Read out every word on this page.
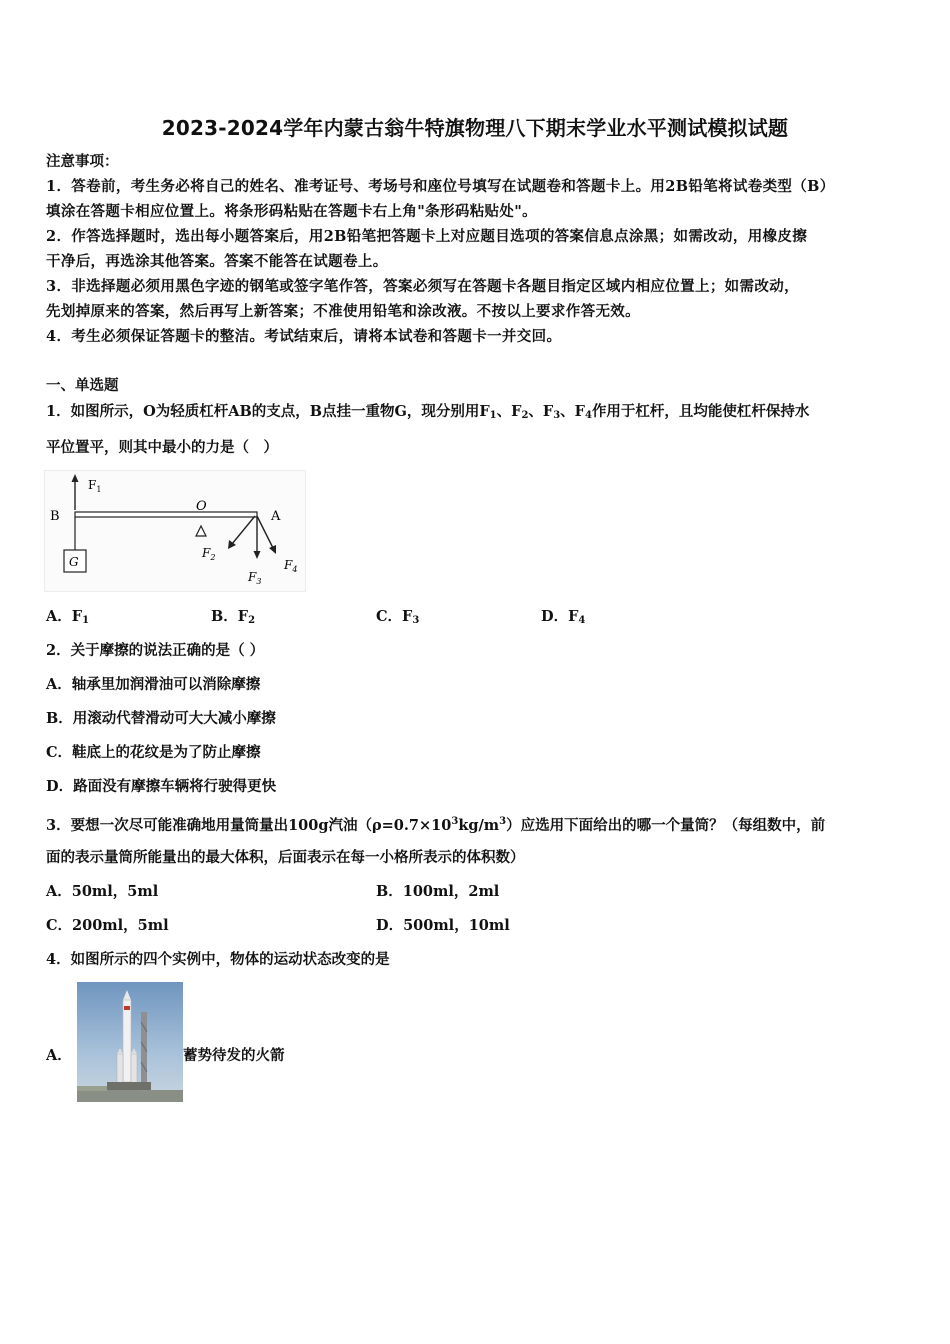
2023-2024学年内蒙古翁牛特旗物理八下期末学业水平测试模拟试题
注意事项：
1．答卷前，考生务必将自己的姓名、准考证号、考场号和座位号填写在试题卷和答题卡上。用2B铅笔将试卷类型（B）
填涂在答题卡相应位置上。将条形码粘贴在答题卡右上角"条形码粘贴处"。
2．作答选择题时，选出每小题答案后，用2B铅笔把答题卡上对应题目选项的答案信息点涂黑；如需改动，用橡皮擦
干净后，再选涂其他答案。答案不能答在试题卷上。
3．非选择题必须用黑色字迹的钢笔或签字笔作答，答案必须写在答题卡各题目指定区域内相应位置上；如需改动，
先划掉原来的答案，然后再写上新答案；不准使用铅笔和涂改液。不按以上要求作答无效。
4．考生必须保证答题卡的整洁。考试结束后，请将本试卷和答题卡一并交回。
一、单选题
1．如图所示，O为轻质杠杆AB的支点，B点挂一重物G，现分别用$F_1$、$F_2$、$F_3$、$F_4$作用于杠杆，且均能使杠杆保持水
平位置平，则其中最小的力是（　）
$F_1$
B
O
A
G
$F_2$
$F_3$
$F_4$
A．$F_1$	B．$F_2$	C．$F_3$	D．$F_4$
2．关于摩擦的说法正确的是（ ）
A．轴承里加润滑油可以消除摩擦
B．用滚动代替滑动可大大减小摩擦
C．鞋底上的花纹是为了防止摩擦
D．路面没有摩擦车辆将行驶得更快
3．要想一次尽可能准确地用量筒量出100g汽油$(\rho=0.7\times 10^3kg/m^3)$应选用下面给出的哪一个量筒？（每组数中，前
面的表示量筒所能量出的最大体积，后面表示在每一小格所表示的体积数）
A．50ml，5ml	B．100ml，2ml
C．200ml，5ml	D．500ml，10ml
4．如图所示的四个实例中，物体的运动状态改变的是
A．	蓄势待发的火箭
